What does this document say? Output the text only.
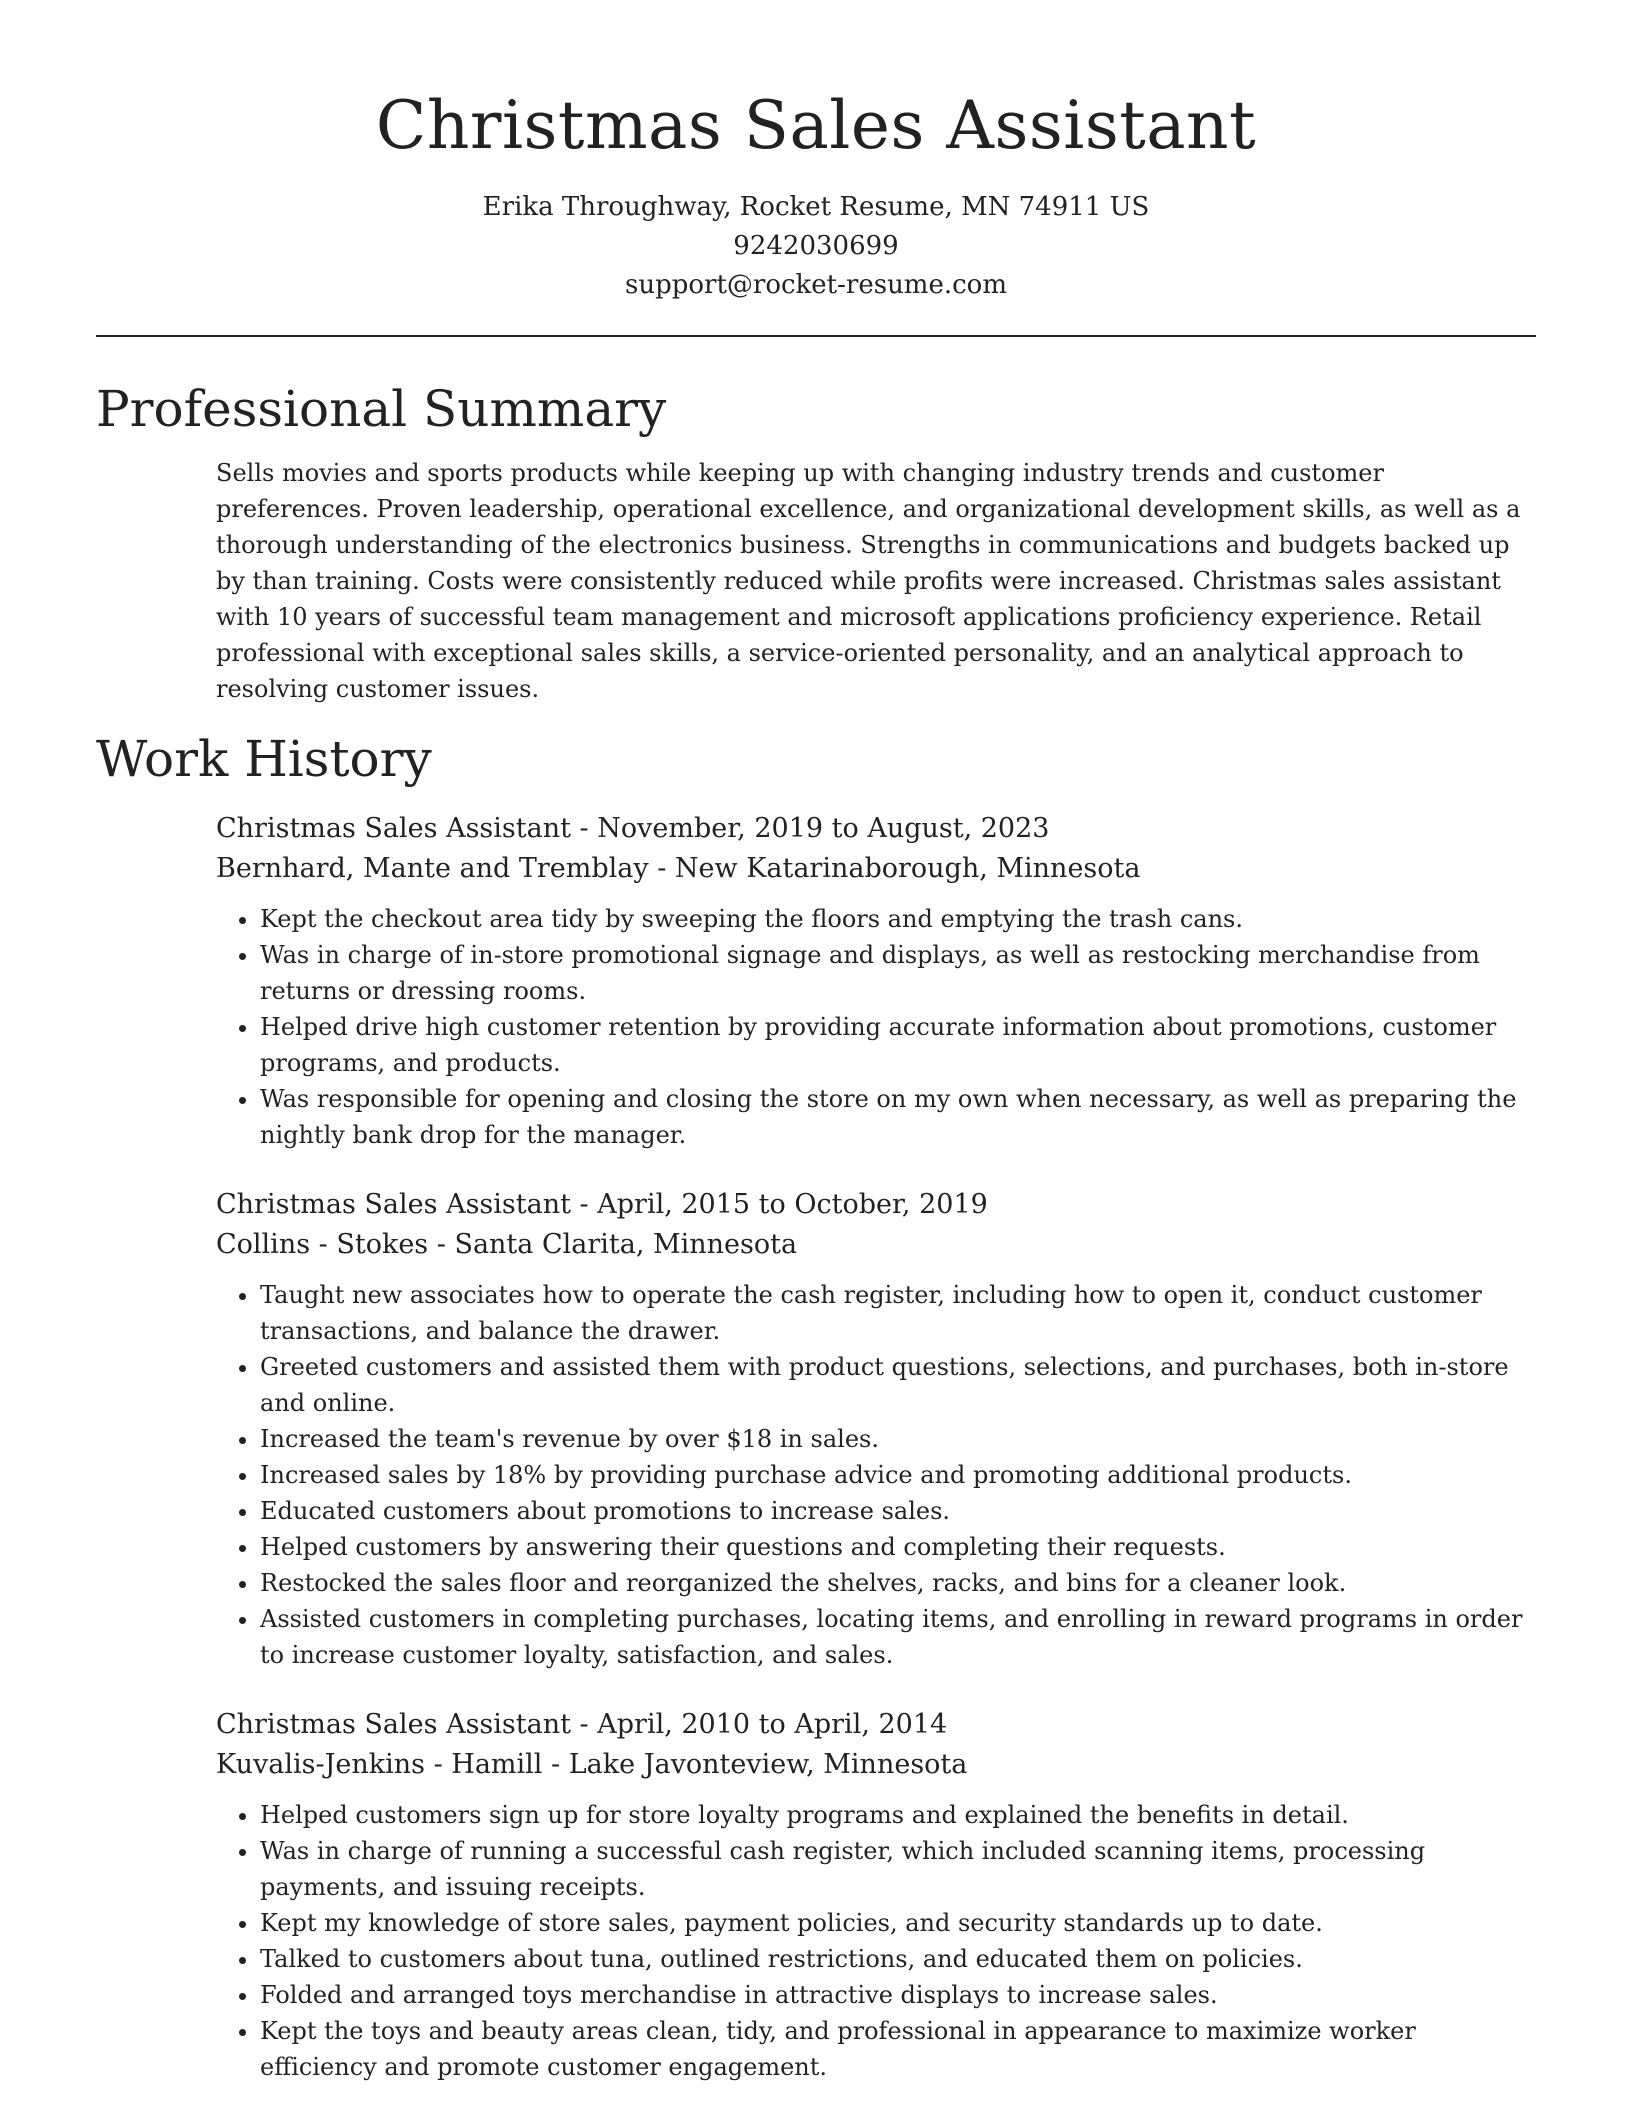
Christmas Sales Assistant
Erika Throughway, Rocket Resume, MN 74911 US
9242030699
support@rocket-resume.com
Professional Summary

Sells movies and sports products while keeping up with changing industry trends and customer preferences. Proven leadership, operational excellence, and organizational development skills, as well as a thorough understanding of the electronics business. Strengths in communications and budgets backed up by than training. Costs were consistently reduced while profits were increased. Christmas sales assistant with 10 years of successful team management and microsoft applications proficiency experience. Retail professional with exceptional sales skills, a service-oriented personality, and an analytical approach to resolving customer issues.

Work History
Christmas Sales Assistant - November, 2019 to August, 2023
Bernhard, Mante and Tremblay - New Katarinaborough, Minnesota
• Kept the checkout area tidy by sweeping the floors and emptying the trash cans.
• Was in charge of in-store promotional signage and displays, as well as restocking merchandise from returns or dressing rooms.
• Helped drive high customer retention by providing accurate information about promotions, customer programs, and products.
• Was responsible for opening and closing the store on my own when necessary, as well as preparing the nightly bank drop for the manager.
Christmas Sales Assistant - April, 2015 to October, 2019
Collins - Stokes - Santa Clarita, Minnesota
• Taught new associates how to operate the cash register, including how to open it, conduct customer transactions, and balance the drawer.
• Greeted customers and assisted them with product questions, selections, and purchases, both in-store and online.
• Increased the team's revenue by over $18 in sales.
• Increased sales by 18% by providing purchase advice and promoting additional products.
• Educated customers about promotions to increase sales.
• Helped customers by answering their questions and completing their requests.
• Restocked the sales floor and reorganized the shelves, racks, and bins for a cleaner look.
• Assisted customers in completing purchases, locating items, and enrolling in reward programs in order to increase customer loyalty, satisfaction, and sales.
Christmas Sales Assistant - April, 2010 to April, 2014
Kuvalis-Jenkins - Hamill - Lake Javonteview, Minnesota
• Helped customers sign up for store loyalty programs and explained the benefits in detail.
• Was in charge of running a successful cash register, which included scanning items, processing payments, and issuing receipts.
• Kept my knowledge of store sales, payment policies, and security standards up to date.
• Talked to customers about tuna, outlined restrictions, and educated them on policies.
• Folded and arranged toys merchandise in attractive displays to increase sales.
• Kept the toys and beauty areas clean, tidy, and professional in appearance to maximize worker efficiency and promote customer engagement.
